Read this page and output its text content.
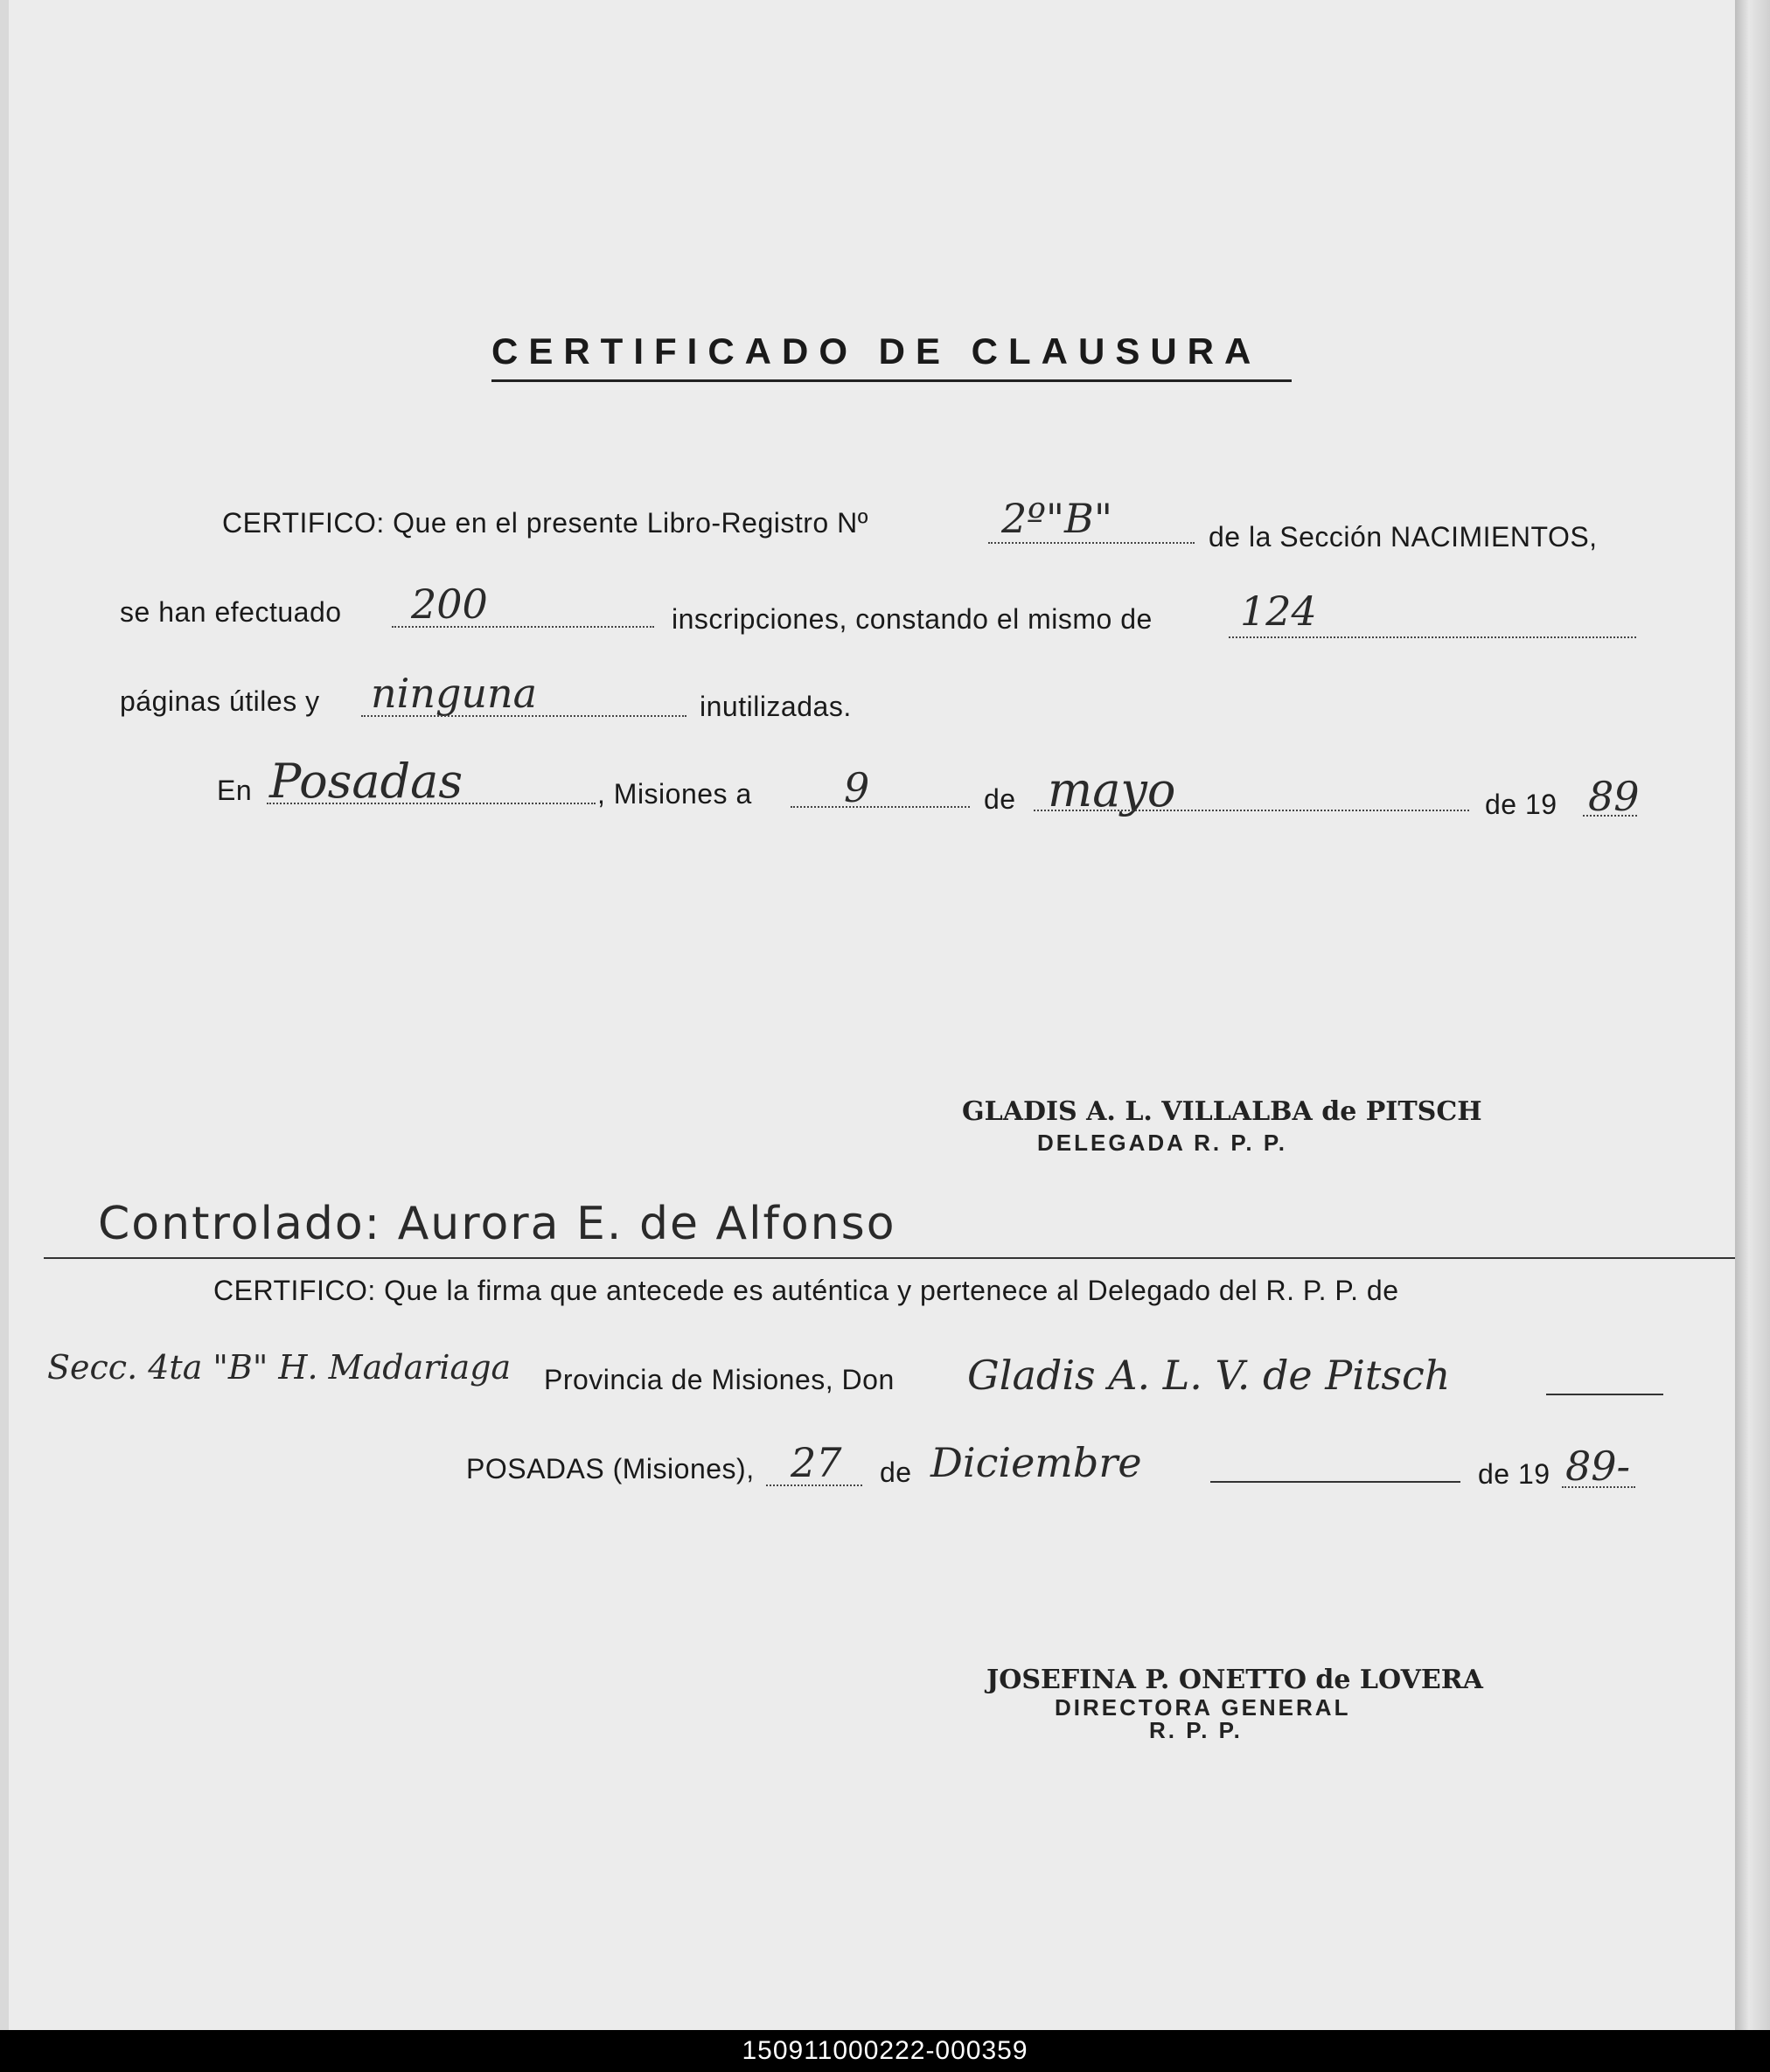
CERTIFICADO DE CLAUSURA
CERTIFICO: Que en el presente Libro-Registro Nº	2º"B"	de la Sección NACIMIENTOS,
se han efectuado 200	inscripciones, constando el mismo de 124
páginas útiles y ninguna	inutilizadas.
En Posadas	, Misiones a 9	de mayo	de 19 89
GLADIS A. L. VILLALBA de PITSCH
DELEGADA R. P. P.
Controlado: Aurora E. de Alfonso
CERTIFICO: Que la firma que antecede es auténtica y pertenece al Delegado del R. P. P. de
Secc. 4ta "B" H. Madariaga Provincia de Misiones, Don Gladis A. L. V. de Pitsch
POSADAS (Misiones), 27 de Diciembre	de 19 89-
JOSEFINA P. ONETTO de LOVERA
DIRECTORA GENERAL
R. P. P.
150911000222-000359
